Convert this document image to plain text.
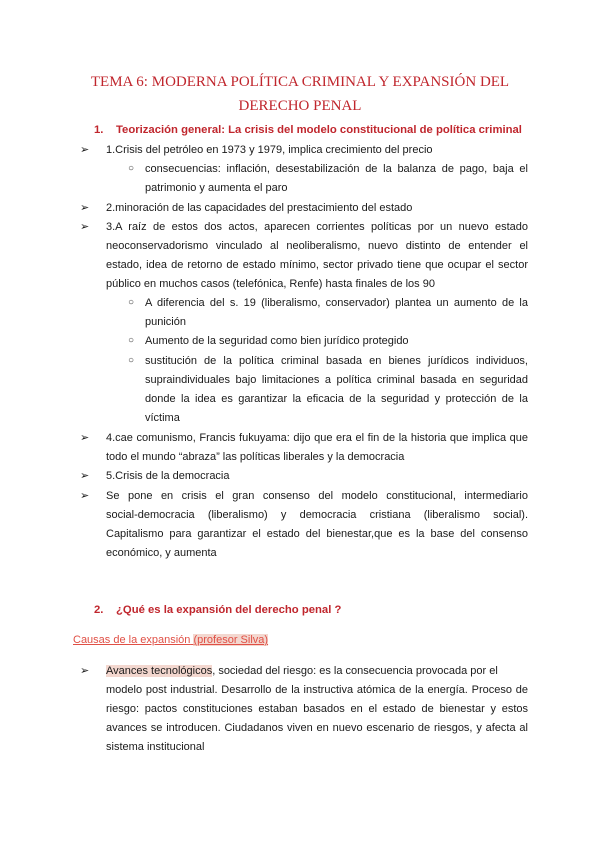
TEMA 6: MODERNA POLÍTICA CRIMINAL Y EXPANSIÓN DEL
DERECHO PENAL
1. Teorización general: La crisis del modelo constitucional de política criminal
➢ 1.Crisis del petróleo en 1973 y 1979, implica crecimiento del precio
○ consecuencias: inflación, desestabilización de la balanza de pago, baja el
patrimonio y aumenta el paro
➢ 2.minoración de las capacidades del prestacimiento del estado
➢ 3.A raíz de estos dos actos, aparecen corrientes políticas por un nuevo estado
neoconservadorismo vinculado al neoliberalismo, nuevo distinto de entender el
estado, idea de retorno de estado mínimo, sector privado tiene que ocupar el sector
público en muchos casos (telefónica, Renfe) hasta finales de los 90
○ A diferencia del s. 19 (liberalismo, conservador) plantea un aumento de la
punición
○ Aumento de la seguridad como bien jurídico protegido
○ sustitución de la política criminal basada en bienes jurídicos individuos,
supraindividuales bajo limitaciones a política criminal basada en seguridad
donde la idea es garantizar la eficacia de la seguridad y protección de la
víctima
➢ 4.cae comunismo, Francis fukuyama: dijo que era el fin de la historia que implica que
todo el mundo “abraza” las políticas liberales y la democracia
➢ 5.Crisis de la democracia
➢ Se pone en crisis el gran consenso del modelo constitucional, intermediario
social-democracia (liberalismo) y democracia cristiana (liberalismo social).
Capitalismo para garantizar el estado del bienestar,que es la base del consenso
económico, y aumenta
2. ¿Qué es la expansión del derecho penal ?
Causas de la expansión (profesor Silva)
➢ Avances tecnológicos, sociedad del riesgo: es la consecuencia provocada por el
modelo post industrial. Desarrollo de la instructiva atómica de la energía. Proceso de
riesgo: pactos constituciones estaban basados en el estado de bienestar y estos
avances se introducen. Ciudadanos viven en nuevo escenario de riesgos, y afecta al
sistema institucional
